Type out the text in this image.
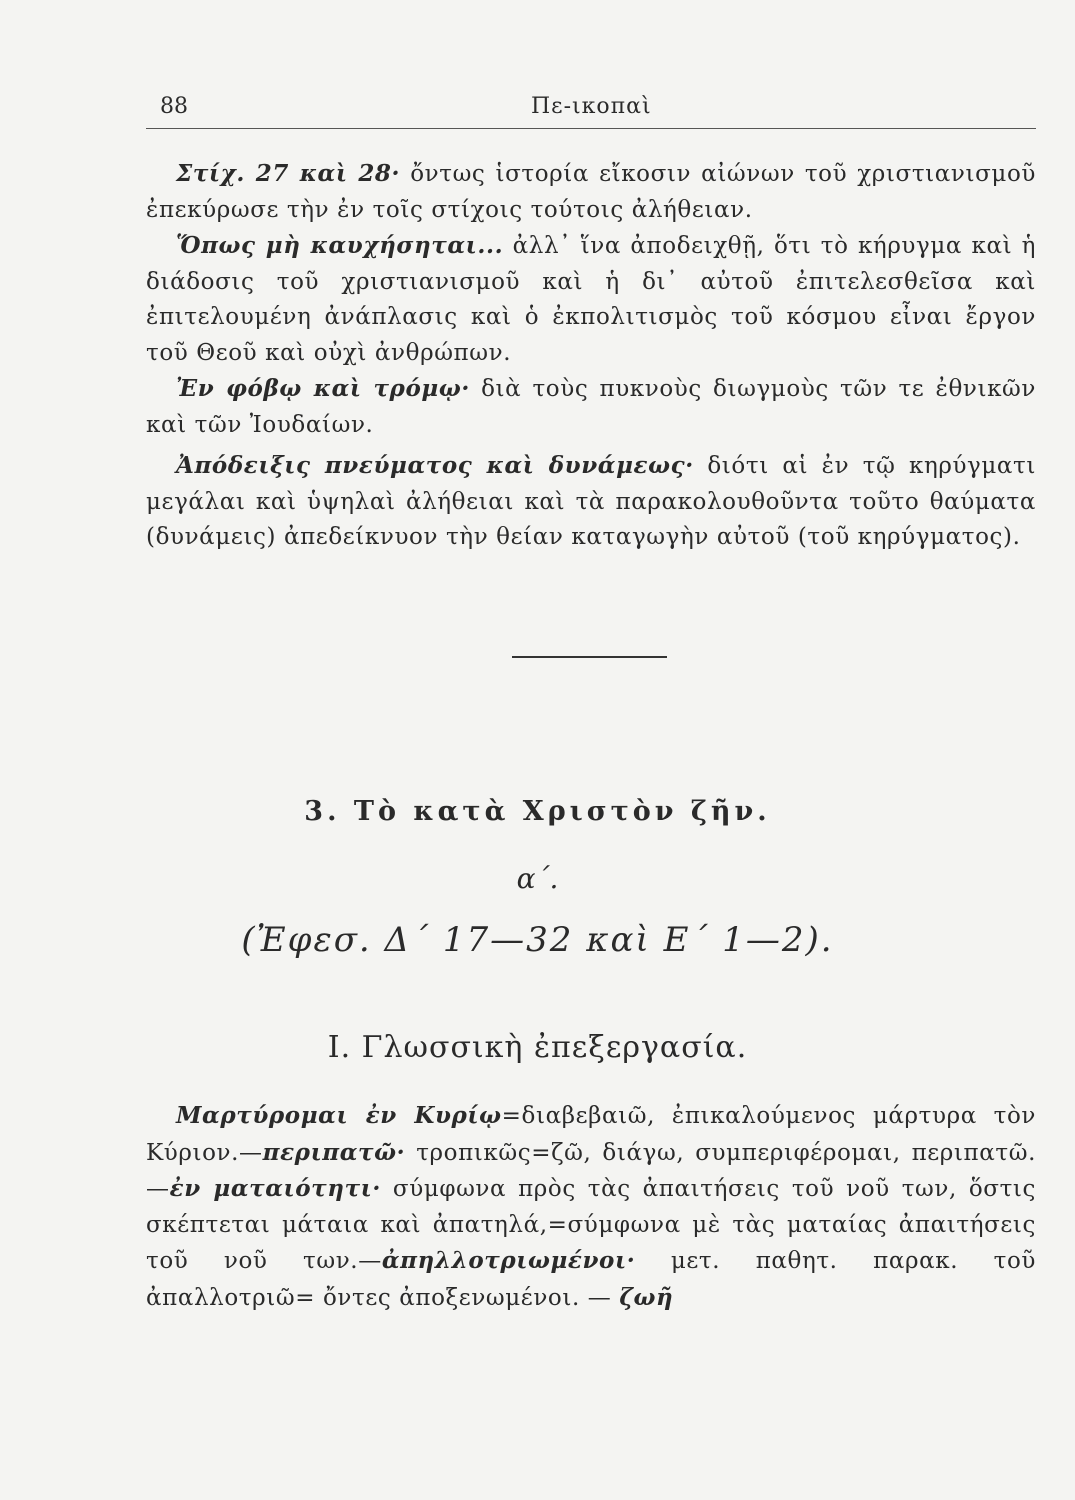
88	Πε-ικοπαὶ

Στίχ. 27 καὶ 28· ὄντως ἱστορία εἴκοσιν αἰώνων τοῦ χριστιανισμοῦ ἐπεκύρωσε τὴν ἐν τοῖς στίχοις τούτοις ἀλήθειαν.

Ὅπως μὴ καυχήσηται... ἀλλ᾽ ἵνα ἀποδειχθῇ, ὅτι τὸ κήρυγμα καὶ ἡ διάδοσις τοῦ χριστιανισμοῦ καὶ ἡ δι᾽ αὐτοῦ ἐπιτελεσθεῖσα καὶ ἐπιτελουμένη ἀνάπλασις καὶ ὁ ἐκπολιτισμὸς τοῦ κόσμου εἶναι ἔργον τοῦ Θεοῦ καὶ οὐχὶ ἀνθρώπων.

Ἐν φόβῳ καὶ τρόμῳ· διὰ τοὺς πυκνοὺς διωγμοὺς τῶν τε ἐθνικῶν καὶ τῶν Ἰουδαίων.

Ἀπόδειξις πνεύματος καὶ δυνάμεως· διότι αἱ ἐν τῷ κηρύγματι μεγάλαι καὶ ὑψηλαὶ ἀλήθειαι καὶ τὰ παρακολουθοῦντα τοῦτο θαύματα (δυνάμεις) ἀπεδείκνυον τὴν θείαν καταγωγὴν αὐτοῦ (τοῦ κηρύγματος).

3. Τὸ κατὰ Χριστὸν ζῆν.
α΄.
(Ἐφεσ. Δ΄ 17—32 καὶ Ε΄ 1—2).
Ι. Γλωσσικὴ ἐπεξεργασία.

Μαρτύρομαι ἐν Κυρίῳ=διαβεβαιῶ, ἐπικαλούμενος μάρτυρα τὸν Κύριον.—περιπατῶ· τροπικῶς=ζῶ, διάγω, συμπεριφέρομαι, περιπατῶ.—ἐν ματαιότητι· σύμφωνα πρὸς τὰς ἀπαιτήσεις τοῦ νοῦ των, ὅστις σκέπτεται μάταια καὶ ἀπατηλά,=σύμφωνα μὲ τὰς ματαίας ἀπαιτήσεις τοῦ νοῦ των.—ἀπηλλοτριωμένοι· μετ. παθητ. παρακ. τοῦ ἀπαλλοτριῶ= ὄντες ἀποξενωμένοι. — ζωῆ
